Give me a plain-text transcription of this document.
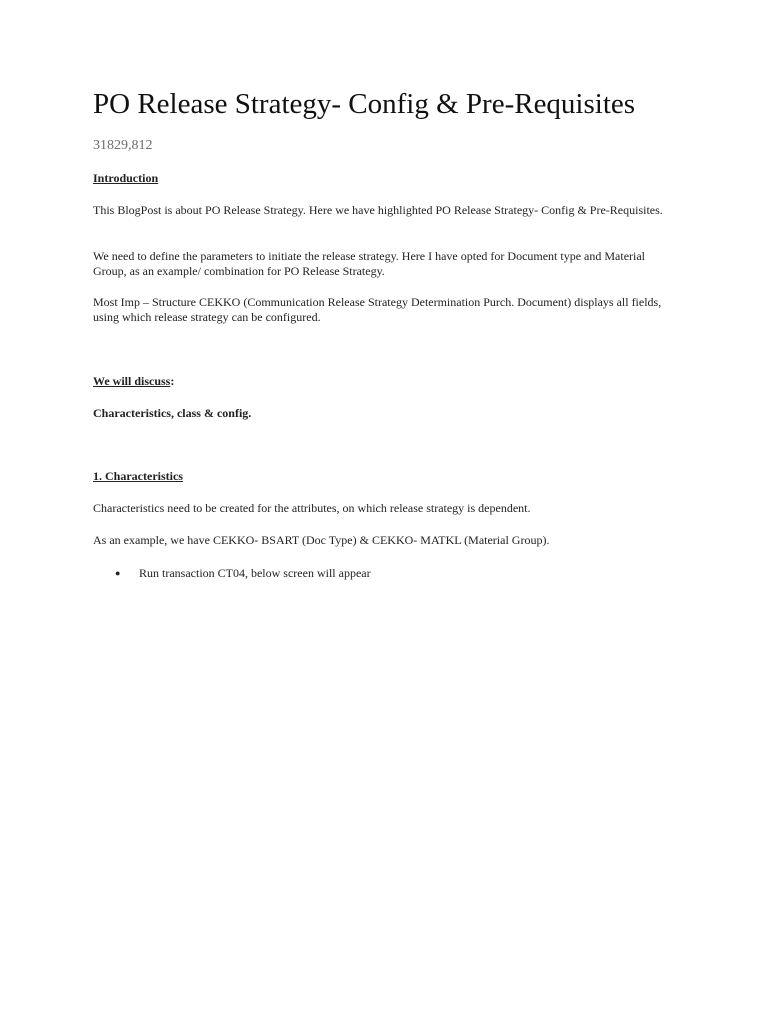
PO Release Strategy- Config & Pre-Requisites
31829,812

Introduction

This BlogPost is about PO Release Strategy. Here we have highlighted PO Release Strategy- Config & Pre-Requisites.

We need to define the parameters to initiate the release strategy. Here I have opted for Document type and Material Group, as an example/ combination for PO Release Strategy.

Most Imp – Structure CEKKO (Communication Release Strategy Determination Purch. Document) displays all fields, using which release strategy can be configured.

We will discuss:

Characteristics, class & config.

1. Characteristics

Characteristics need to be created for the attributes, on which release strategy is dependent.

As an example, we have CEKKO- BSART (Doc Type) & CEKKO- MATKL (Material Group).

● Run transaction CT04, below screen will appear
